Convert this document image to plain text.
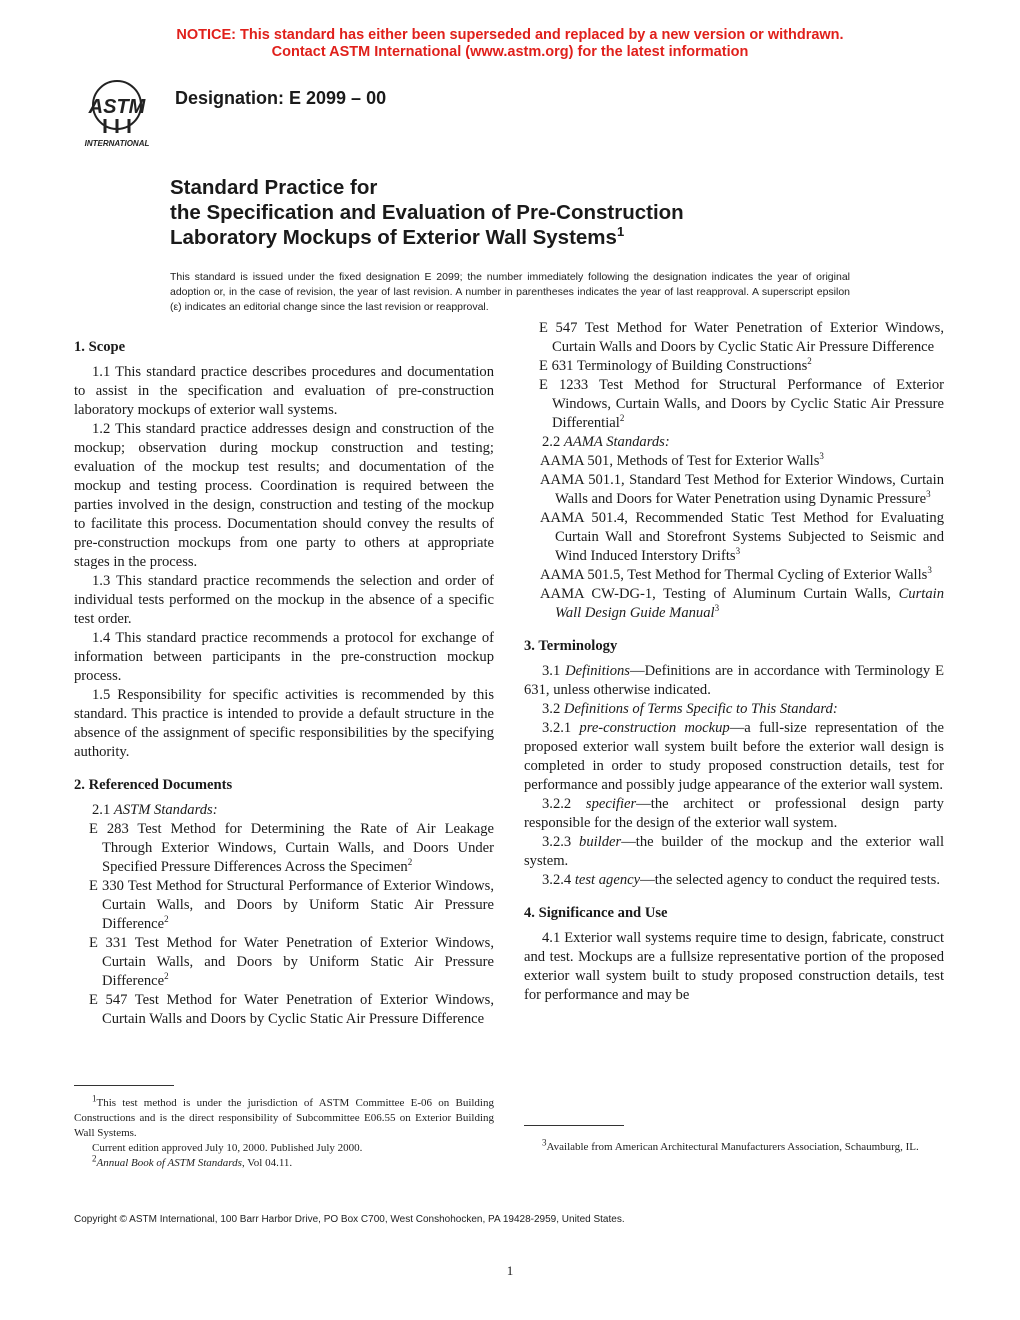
NOTICE: This standard has either been superseded and replaced by a new version or withdrawn.
Contact ASTM International (www.astm.org) for the latest information
ASTM
INTERNATIONAL
Designation: E 2099 – 00
Standard Practice for
the Specification and Evaluation of Pre-Construction
Laboratory Mockups of Exterior Wall Systems$^1$
This standard is issued under the fixed designation E 2099; the number immediately following the designation indicates the year of original adoption or, in the case of revision, the year of last revision. A number in parentheses indicates the year of last reapproval. A superscript epsilon (ε) indicates an editorial change since the last revision or reapproval.
1. Scope

1.1 This standard practice describes procedures and documentation to assist in the specification and evaluation of pre-construction laboratory mockups of exterior wall systems.

1.2 This standard practice addresses design and construction of the mockup; observation during mockup construction and testing; evaluation of the mockup test results; and documentation of the mockup and testing process. Coordination is required between the parties involved in the design, construction and testing of the mockup to facilitate this process. Documentation should convey the results of pre-construction mockups from one party to others at appropriate stages in the process.

1.3 This standard practice recommends the selection and order of individual tests performed on the mockup in the absence of a specific test order.

1.4 This standard practice recommends a protocol for exchange of information between participants in the pre-construction mockup process.

1.5 Responsibility for specific activities is recommended by this standard. This practice is intended to provide a default structure in the absence of the assignment of specific responsibilities by the specifying authority.

2. Referenced Documents

2.1 ASTM Standards:

E 283 Test Method for Determining the Rate of Air Leakage Through Exterior Windows, Curtain Walls, and Doors Under Specified Pressure Differences Across the Specimen$^2$

E 330 Test Method for Structural Performance of Exterior Windows, Curtain Walls, and Doors by Uniform Static Air Pressure Difference$^2$

E 331 Test Method for Water Penetration of Exterior Windows, Curtain Walls, and Doors by Uniform Static Air Pressure Difference$^2$

E 547 Test Method for Water Penetration of Exterior Windows, Curtain Walls and Doors by Cyclic Static Air Pressure Difference

$^1$This test method is under the jurisdiction of ASTM Committee E-06 on Building Constructions and is the direct responsibility of Subcommittee E06.55 on Exterior Building Wall Systems.

Current edition approved July 10, 2000. Published July 2000.

$^2$Annual Book of ASTM Standards, Vol 04.11.

E 547 Test Method for Water Penetration of Exterior Windows, Curtain Walls and Doors by Cyclic Static Air Pressure Difference

E 631 Terminology of Building Constructions$^2$

E 1233 Test Method for Structural Performance of Exterior Windows, Curtain Walls, and Doors by Cyclic Static Air Pressure Differential$^2$

2.2 AAMA Standards:

AAMA 501, Methods of Test for Exterior Walls$^3$

AAMA 501.1, Standard Test Method for Exterior Windows, Curtain Walls and Doors for Water Penetration using Dynamic Pressure$^3$

AAMA 501.4, Recommended Static Test Method for Evaluating Curtain Wall and Storefront Systems Subjected to Seismic and Wind Induced Interstory Drifts$^3$

AAMA 501.5, Test Method for Thermal Cycling of Exterior Walls$^3$

AAMA CW-DG-1, Testing of Aluminum Curtain Walls, Curtain Wall Design Guide Manual$^3$

3. Terminology

3.1 Definitions—Definitions are in accordance with Terminology E 631, unless otherwise indicated.

3.2 Definitions of Terms Specific to This Standard:

3.2.1 pre-construction mockup—a full-size representation of the proposed exterior wall system built before the exterior wall design is completed in order to study proposed construction details, test for performance and possibly judge appearance of the exterior wall system.

3.2.2 specifier—the architect or professional design party responsible for the design of the exterior wall system.

3.2.3 builder—the builder of the mockup and the exterior wall system.

3.2.4 test agency—the selected agency to conduct the required tests.

4. Significance and Use

4.1 Exterior wall systems require time to design, fabricate, construct and test. Mockups are a fullsize representative portion of the proposed exterior wall system built to study proposed construction details, test for performance and may be

$^3$Available from American Architectural Manufacturers Association, Schaumburg, IL.

Copyright © ASTM International, 100 Barr Harbor Drive, PO Box C700, West Conshohocken, PA 19428-2959, United States.
1
